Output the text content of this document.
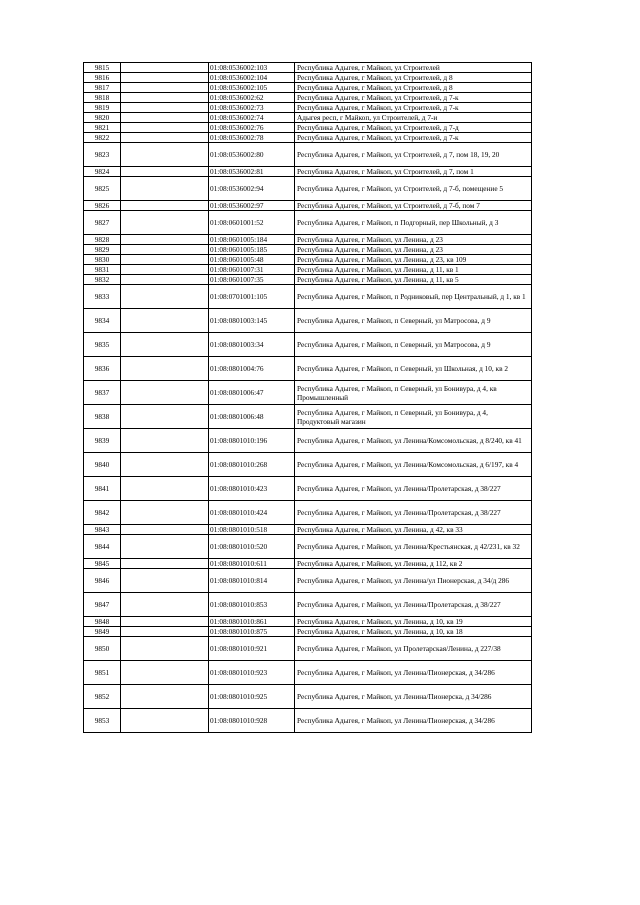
9815		01:08:0536002:103	Республика Адыгея, г Майкоп, ул Строителей
9816		01:08:0536002:104	Республика Адыгея, г Майкоп, ул Строителей, д 8
9817		01:08:0536002:105	Республика Адыгея, г Майкоп, ул Строителей, д 8
9818		01:08:0536002:62	Республика Адыгея, г Майкоп, ул Строителей, д 7-к
9819		01:08:0536002:73	Республика Адыгея, г Майкоп, ул Строителей, д 7-к
9820		01:08:0536002:74	Адыгея респ, г Майкоп, ул Строителей, д 7-и
9821		01:08:0536002:76	Республика Адыгея, г Майкоп, ул Строителей, д 7-д
9822		01:08:0536002:78	Республика Адыгея, г Майкоп, ул Строителей, д 7-к
9823		01:08:0536002:80	Республика Адыгея, г Майкоп, ул Строителей, д 7, пом 18, 19, 20
9824		01:08:0536002:81	Республика Адыгея, г Майкоп, ул Строителей, д 7, пом 1
9825		01:08:0536002:94	Республика Адыгея, г Майкоп, ул Строителей, д 7-б, помещение 5
9826		01:08:0536002:97	Республика Адыгея, г Майкоп, ул Строителей, д 7-б, пом 7
9827		01:08:0601001:52	Республика Адыгея, г Майкоп, п Подгорный, пер Школьный, д 3
9828		01:08:0601005:184	Республика Адыгея, г Майкоп, ул Ленина, д 23
9829		01:08:0601005:185	Республика Адыгея, г Майкоп, ул Ленина, д 23
9830		01:08:0601005:48	Республика Адыгея, г Майкоп, ул Ленина, д 23, кв 109
9831		01:08:0601007:31	Республика Адыгея, г Майкоп, ул Ленина, д 11, кв 1
9832		01:08:0601007:35	Республика Адыгея, г Майкоп, ул Ленина, д 11, кв 5
9833		01:08:0701001:105	Республика Адыгея, г Майкоп, п Родниковый, пер Центральный, д 1, кв 1
9834		01:08:0801003:145	Республика Адыгея, г Майкоп, п Северный, ул Матросова, д 9
9835		01:08:0801003:34	Республика Адыгея, г Майкоп, п Северный, ул Матросова, д 9
9836		01:08:0801004:76	Республика Адыгея, г Майкоп, п Северный, ул Школьная, д 10, кв 2
9837		01:08:0801006:47	Республика Адыгея, г Майкоп, п Северный, ул Бонивура, д 4, кв Промышленный
9838		01:08:0801006:48	Республика Адыгея, г Майкоп, п Северный, ул Бонивура, д 4, Продуктовый магазин
9839		01:08:0801010:196	Республика Адыгея, г Майкоп, ул Ленина/Комсомольская, д 8/240, кв 41
9840		01:08:0801010:268	Республика Адыгея, г Майкоп, ул Ленина/Комсомольская, д 6/197, кв 4
9841		01:08:0801010:423	Республика Адыгея, г Майкоп, ул Ленина/Пролетарская, д 38/227
9842		01:08:0801010:424	Республика Адыгея, г Майкоп, ул Ленина/Пролетарская, д 38/227
9843		01:08:0801010:518	Республика Адыгея, г Майкоп, ул Ленина, д 42, кв 33
9844		01:08:0801010:520	Республика Адыгея, г Майкоп, ул Ленина/Крестьянская, д 42/231, кв 32
9845		01:08:0801010:611	Республика Адыгея, г Майкоп, ул Ленина, д 112, кв 2
9846		01:08:0801010:814	Республика Адыгея, г Майкоп, ул Ленина/ул Пионерская, д 34/д 286
9847		01:08:0801010:853	Республика Адыгея, г Майкоп, ул Ленина/Пролетарская, д 38/227
9848		01:08:0801010:861	Республика Адыгея, г Майкоп, ул Ленина, д 10, кв 19
9849		01:08:0801010:875	Республика Адыгея, г Майкоп, ул Ленина, д 10, кв 18
9850		01:08:0801010:921	Республика Адыгея, г Майкоп, ул Пролетарская/Ленина, д 227/38
9851		01:08:0801010:923	Республика Адыгея, г Майкоп, ул Ленина/Пионерская, д 34/286
9852		01:08:0801010:925	Республика Адыгея, г Майкоп, ул Ленина/Пионерска, д 34/286
9853		01:08:0801010:928	Республика Адыгея, г Майкоп, ул Ленина/Пионерская, д 34/286
